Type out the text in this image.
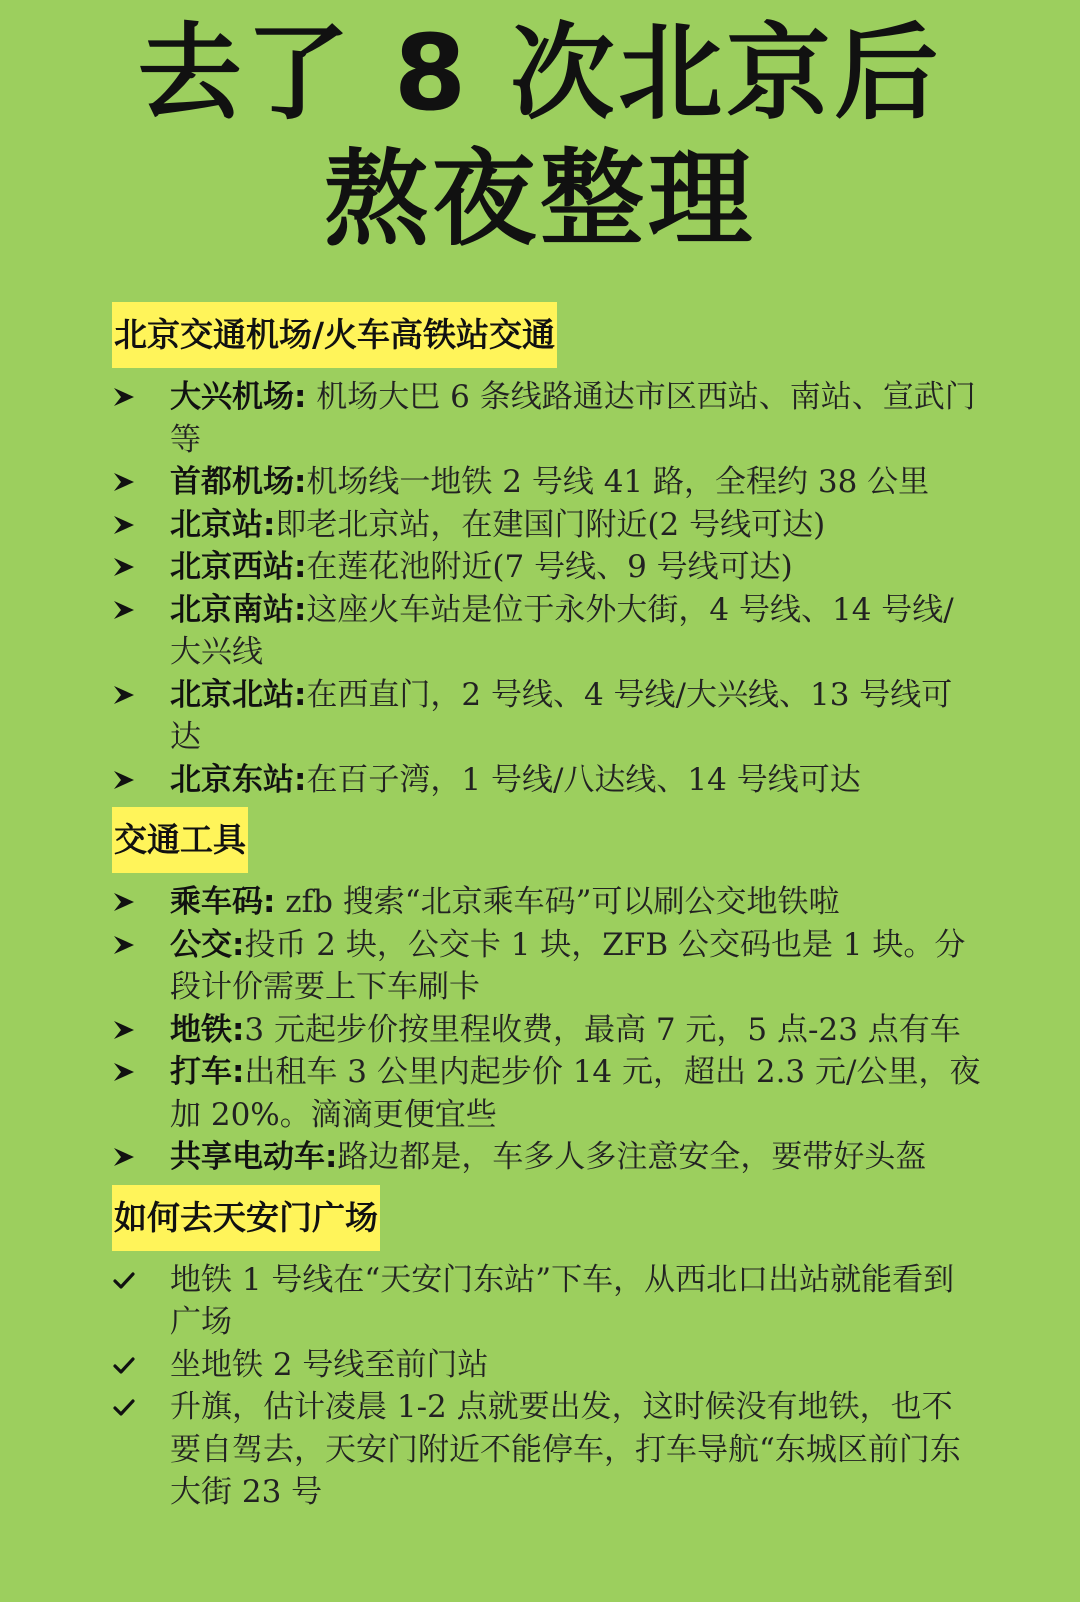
去了 8 次北京后
熬夜整理
北京交通机场/火车高铁站交通
大兴机场: 机场大巴 6 条线路通达市区西站、南站、宣武门等
首都机场:机场线一地铁 2 号线 41 路，全程约 38 公里
北京站:即老北京站，在建国门附近(2 号线可达)
北京西站:在莲花池附近(7 号线、9 号线可达)
北京南站:这座火车站是位于永外大街，4 号线、14 号线/大兴线
北京北站:在西直门，2 号线、4 号线/大兴线、13 号线可达
北京东站:在百子湾，1 号线/八达线、14 号线可达
交通工具
乘车码: zfb 搜索“北京乘车码”可以刷公交地铁啦
公交:投币 2 块，公交卡 1 块，ZFB 公交码也是 1 块。分段计价需要上下车刷卡
地铁:3 元起步价按里程收费，最高 7 元，5 点-23 点有车
打车:出租车 3 公里内起步价 14 元，超出 2.3 元/公里，夜加 20%。滴滴更便宜些
共享电动车:路边都是，车多人多注意安全，要带好头盔
如何去天安门广场
地铁 1 号线在“天安门东站”下车，从西北口出站就能看到广场
坐地铁 2 号线至前门站
升旗，估计凌晨 1-2 点就要出发，这时候没有地铁，也不要自驾去，天安门附近不能停车，打车导航“东城区前门东大街 23 号
